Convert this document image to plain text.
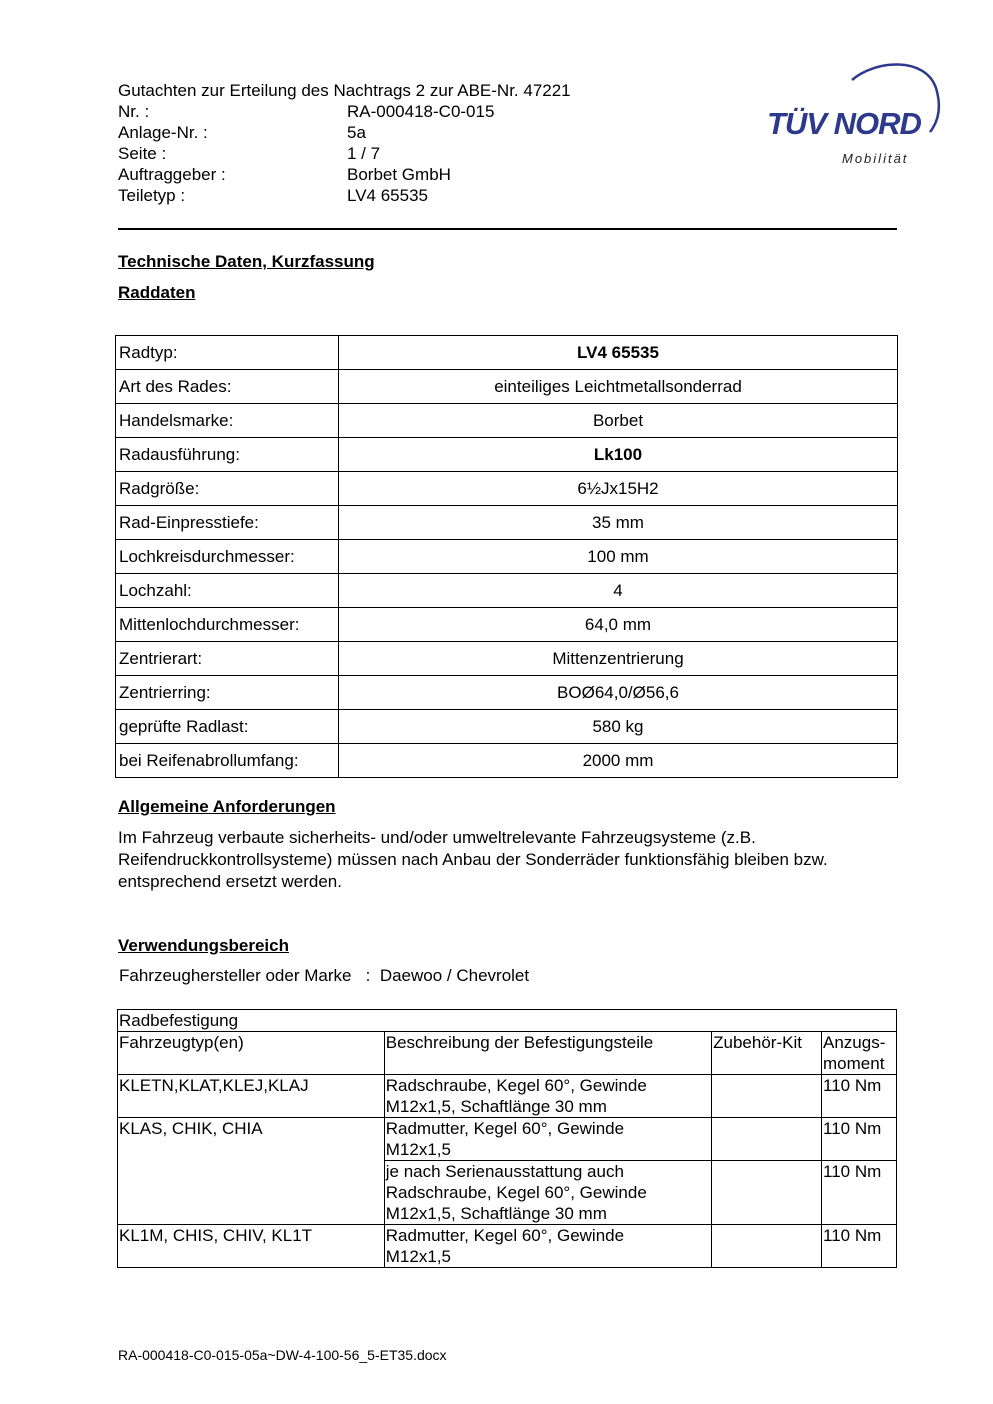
Gutachten zur Erteilung des Nachtrags 2 zur ABE-Nr. 47221
Nr. :	RA-000418-C0-015
Anlage-Nr. :	5a
Seite :	1 / 7
Auftraggeber :	Borbet GmbH
Teiletyp :	LV4 65535
TÜV NORD
Mobilität
Technische Daten, Kurzfassung
Raddaten
Radtyp:	LV4 65535
Art des Rades:	einteiliges Leichtmetallsonderrad
Handelsmarke:	Borbet
Radausführung:	Lk100
Radgröße:	6½Jx15H2
Rad-Einpresstiefe:	35 mm
Lochkreisdurchmesser:	100 mm
Lochzahl:	4
Mittenlochdurchmesser:	64,0 mm
Zentrierart:	Mittenzentrierung
Zentrierring:	BOØ64,0/Ø56,6
geprüfte Radlast:	580 kg
bei Reifenabrollumfang:	2000 mm
Allgemeine Anforderungen
Im Fahrzeug verbaute sicherheits- und/oder umweltrelevante Fahrzeugsysteme (z.B.
Reifendruckkontrollsysteme) müssen nach Anbau der Sonderräder funktionsfähig bleiben bzw.
entsprechend ersetzt werden.
Verwendungsbereich
Fahrzeughersteller oder Marke : Daewoo / Chevrolet
Radbefestigung			
Fahrzeugtyp(en)	Beschreibung der Befestigungsteile	Zubehör-Kit	Anzugs-
moment

KLETN,KLAT,KLEJ,KLAJ	Radschraube, Kegel 60°, Gewinde
M12x1,5, Schaftlänge 30 mm		110 Nm
KLAS, CHIK, CHIA	Radmutter, Kegel 60°, Gewinde
M12x1,5		110 Nm

	je nach Serienausstattung auch
Radschraube, Kegel 60°, Gewinde
M12x1,5, Schaftlänge 30 mm		110 Nm
KL1M, CHIS, CHIV, KL1T	Radmutter, Kegel 60°, Gewinde
M12x1,5		110 Nm
RA-000418-C0-015-05a~DW-4-100-56_5-ET35.docx
